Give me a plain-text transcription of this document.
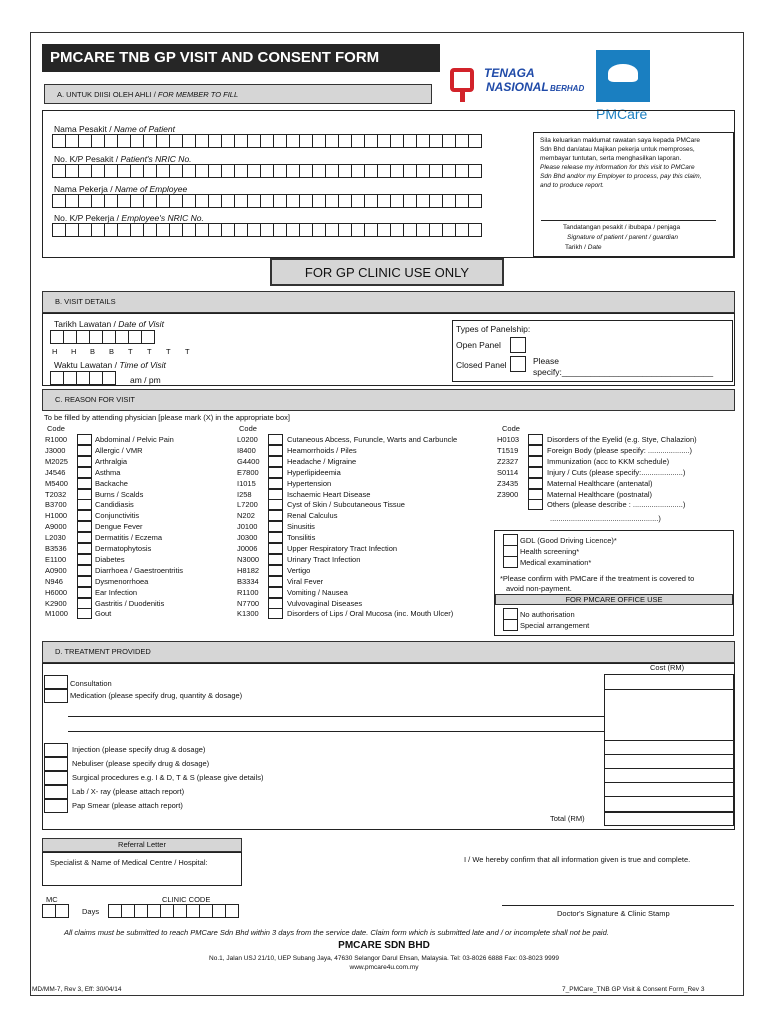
PMCARE TNB GP VISIT AND CONSENT FORM
A. UNTUK DIISI OLEH AHLI / FOR MEMBER TO FILL
TENAGA
NASIONAL BERHAD
PMCare
Nama Pesakit / Name of Patient
No. K/P Pesakit / Patient's NRIC No.
Nama Pekerja / Name of Employee
No. K/P Pekerja / Employee's NRIC No.
Sila keluarkan maklumat rawatan saya kepada PMCare
Sdn Bhd dan/atau Majikan pekerja untuk memproses,
membayar tuntutan, serta menghasilkan laporan.
Please release my information for this visit to PMCare
Sdn Bhd and/or my Employer to process, pay this claim,
and to produce report.
Tandatangan pesakit / ibubapa / penjaga
Signature of patient / parent / guardian
Tarikh / Date
FOR GP CLINIC USE ONLY
B. VISIT DETAILS
Tarikh Lawatan / Date of Visit
H	H	B	B	T	T	T	T
Waktu Lawatan / Time of Visit
am / pm
Types of Panelship:
Open Panel
Closed Panel	Please
specify:________________________________
C. REASON FOR VISIT
To be filled by attending physician [please mark (X) in the appropriate box]
Code	Code	Code
R1000	Abdominal / Pelvic Pain
J3000	Allergic / VMR
M2025	Arthralgia
J4546	Asthma
M5400	Backache
T2032	Burns / Scalds
B3700	Candidiasis
H1000	Conjunctivitis
A9000	Dengue Fever
L2030	Dermatitis / Eczema
B3536	Dermatophytosis
E1100	Diabetes
A0900	Diarrhoea / Gaestroentritis
N946	Dysmenorrhoea
H6000	Ear Infection
K2900	Gastritis / Duodenitis
M1000	Gout
L0200	Cutaneous Abcess, Furuncle, Warts and Carbuncle
I8400	Heamorrhoids / Piles
G4400	Headache / Migraine
E7800	Hyperlipideemia
I1015	Hypertension
I258	Ischaemic Heart Disease
L7200	Cyst of Skin / Subcutaneous Tissue
N202	Renal Calculus
J0100	Sinusitis
J0300	Tonsilitis
J0006	Upper Respiratory Tract Infection
N3000	Urinary Tract Infection
H8182	Vertigo
B3334	Viral Fever
R1100	Vomiting / Nausea
N7700	Vulvovaginal Diseases
K1300	Disorders of Lips / Oral Mucosa (inc. Mouth Ulcer)
H0103	Disorders of the Eyelid (e.g. Stye, Chalazion)
T1519	Foreign Body (please specify: ....................)
Z2327	Immunization (acc to KKM schedule)
S0114	Injury / Cuts (please specify:....................)
Z3435	Maternal Healthcare (antenatal)
Z3900	Maternal Healthcare (postnatal)
Others (please describe : ........................)
....................................................)
GDL (Good Driving Licence)*
Health screening*
Medical examination*
*Please confirm with PMCare if the treatment is covered to
avoid non-payment.
FOR PMCARE OFFICE USE
No authorisation
Special arrangement
D. TREATMENT PROVIDED
Cost (RM)
Total (RM)
Consultation
Medication (please specify drug, quantity & dosage)
Injection (please specify drug & dosage)
Nebuliser (please specify drug & dosage)
Surgical procedures e.g. I & D, T & S (please give details)
Lab / X- ray (please attach report)
Pap Smear (please attach report)
Referral Letter
Specialist & Name of Medical Centre / Hospital:	I / We hereby confirm that all information given is true and complete.
MC
Days
CLINIC CODE
Doctor's Signature & Clinic Stamp
All claims must be submitted to reach PMCare Sdn Bhd within 3 days from the service date. Claim form which is submitted late and / or incomplete shall not be paid.
PMCARE SDN BHD
No.1, Jalan USJ 21/10, UEP Subang Jaya, 47630 Selangor Darul Ehsan, Malaysia. Tel: 03-8026 6888 Fax: 03-8023 9999
www.pmcare4u.com.my
MD/MM-7, Rev 3, Eff: 30/04/14	7_PMCare_TNB GP Visit & Consent Form_Rev 3
